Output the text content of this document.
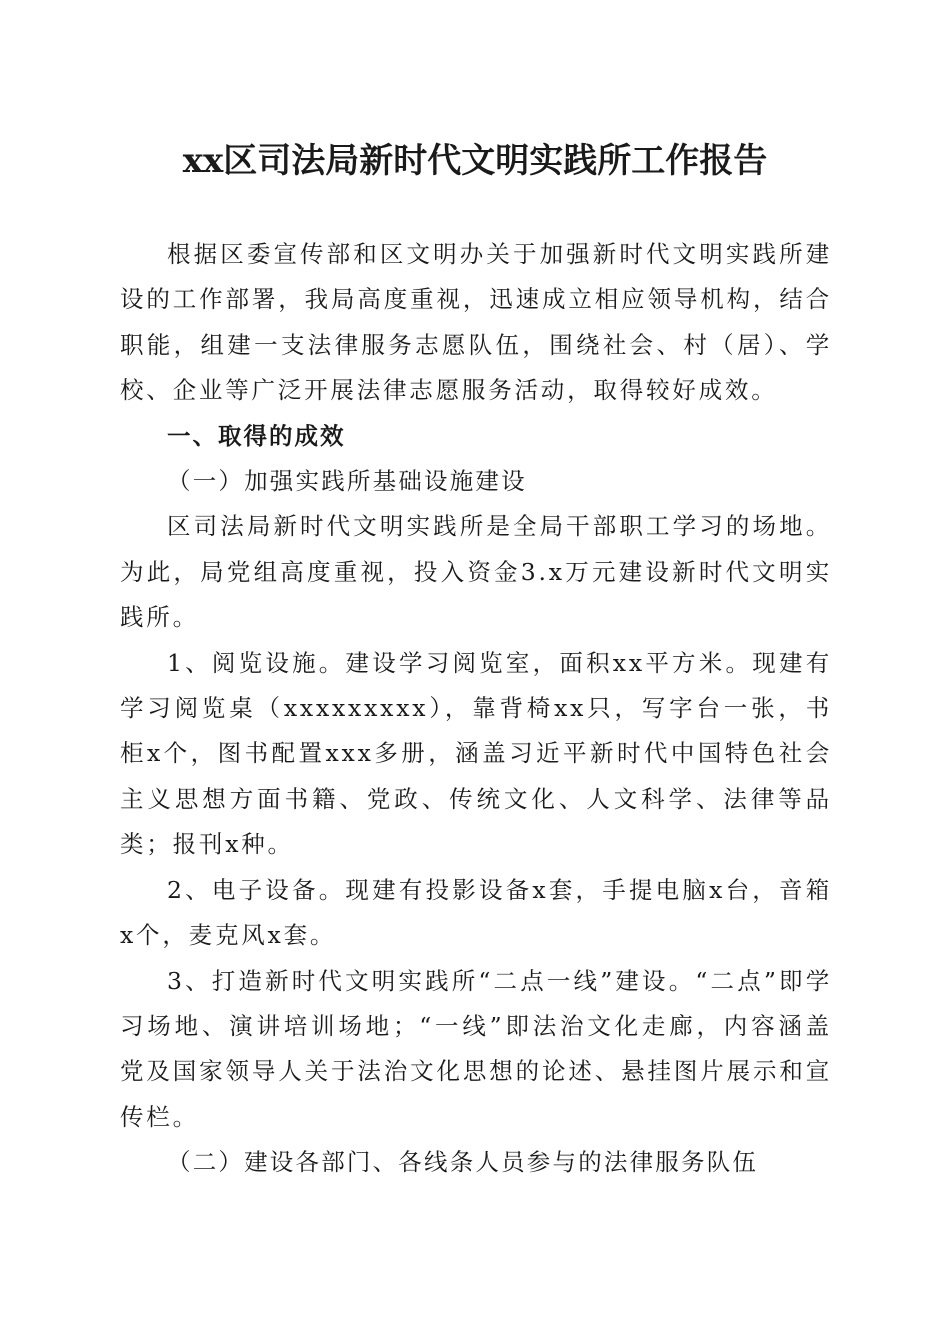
xx区司法局新时代文明实践所工作报告

根据区委宣传部和区文明办关于加强新时代文明实践所建设的工作部署，我局高度重视，迅速成立相应领导机构，结合职能，组建一支法律服务志愿队伍，围绕社会、村（居）、学校、企业等广泛开展法律志愿服务活动，取得较好成效。

一、取得的成效

（一）加强实践所基础设施建设

区司法局新时代文明实践所是全局干部职工学习的场地。为此，局党组高度重视，投入资金3.x万元建设新时代文明实践所。

1、阅览设施。建设学习阅览室，面积xx平方米。现建有学习阅览桌（xxxxxxxxx），靠背椅xx只，写字台一张，书柜x个，图书配置xxx多册，涵盖习近平新时代中国特色社会主义思想方面书籍、党政、传统文化、人文科学、法律等品类；报刊x种。

2、电子设备。现建有投影设备x套，手提电脑x台，音箱x个，麦克风x套。

3、打造新时代文明实践所“二点一线”建设。“二点”即学习场地、演讲培训场地；“一线”即法治文化走廊，内容涵盖党及国家领导人关于法治文化思想的论述、悬挂图片展示和宣传栏。

（二）建设各部门、各线条人员参与的法律服务队伍
